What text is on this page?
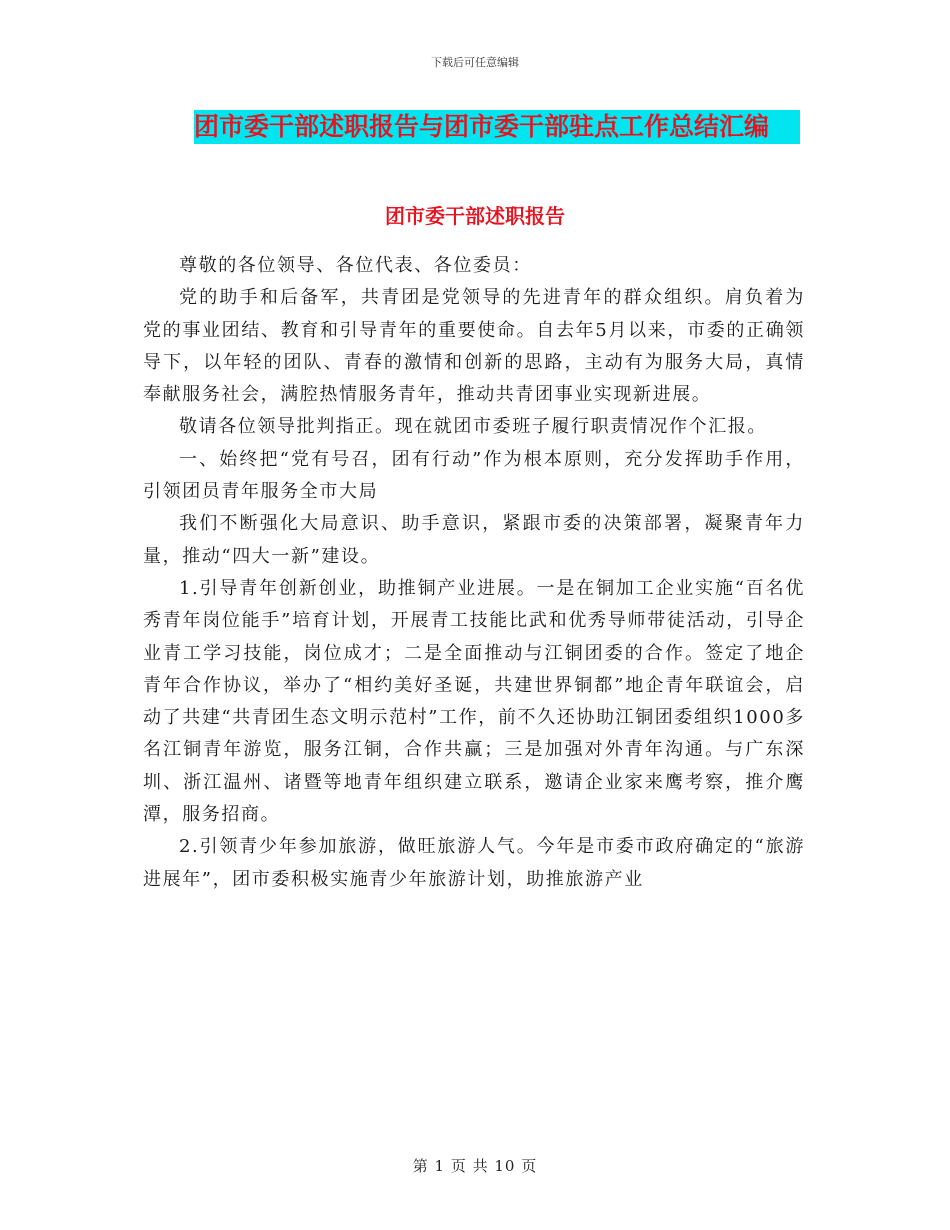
下载后可任意编辑
团市委干部述职报告与团市委干部驻点工作总结汇编
团市委干部述职报告

尊敬的各位领导、各位代表、各位委员：

党的助手和后备军，共青团是党领导的先进青年的群众组织。肩负着为党的事业团结、教育和引导青年的重要使命。自去年5月以来，市委的正确领导下，以年轻的团队、青春的激情和创新的思路，主动有为服务大局，真情奉献服务社会，满腔热情服务青年，推动共青团事业实现新进展。

敬请各位领导批判指正。现在就团市委班子履行职责情况作个汇报。

一、始终把“党有号召，团有行动”作为根本原则，充分发挥助手作用，引领团员青年服务全市大局

我们不断强化大局意识、助手意识，紧跟市委的决策部署，凝聚青年力量，推动“四大一新”建设。

1.引导青年创新创业，助推铜产业进展。一是在铜加工企业实施“百名优秀青年岗位能手”培育计划，开展青工技能比武和优秀导师带徒活动，引导企业青工学习技能，岗位成才；二是全面推动与江铜团委的合作。签定了地企青年合作协议，举办了“相约美好圣诞，共建世界铜都”地企青年联谊会，启动了共建“共青团生态文明示范村”工作，前不久还协助江铜团委组织1000多名江铜青年游览，服务江铜，合作共赢；三是加强对外青年沟通。与广东深圳、浙江温州、诸暨等地青年组织建立联系，邀请企业家来鹰考察，推介鹰潭，服务招商。

2.引领青少年参加旅游，做旺旅游人气。今年是市委市政府确定的“旅游进展年”，团市委积极实施青少年旅游计划，助推旅游产业

第 1 页 共 10 页
